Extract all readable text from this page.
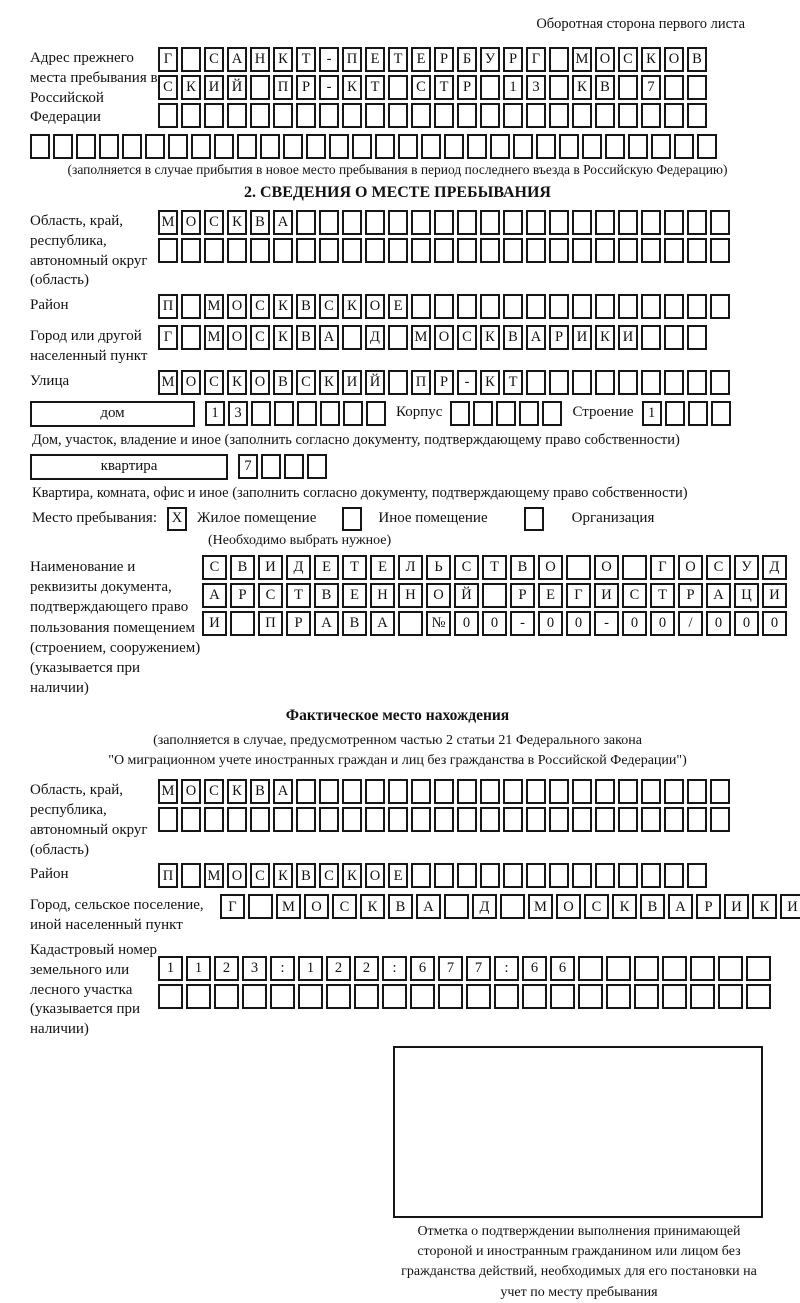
Оборотная сторона первого листа
Адрес прежнего места пребывания в Российской Федерации
Г	С А Н К Т	-	П Е Т Е	Р	Б У Р	Г	М О С К О В
С К И Й	П Р	-	К Т	С Т	Р	1	3	К В	7
(заполняется в случае прибытия в новое место пребывания в период последнего въезда в Российскую Федерацию)
2. СВЕДЕНИЯ О МЕСТЕ ПРЕБЫВАНИЯ
Область, край, республика, автономный округ (область)
М О С К В А
Район	П	М О С К В С К О Е
Город или другой населенный пункт
Г	М О С К В А	Д	М О С К В А Р И К И
Улица	М О С К О В С К И Й	П Р	-	К Т
дом	1	3	Корпус	Строение 1
Дом, участок, владение и иное (заполнить согласно документу, подтверждающему право собственности)
квартира	7
Квартира, комната, офис и иное (заполнить согласно документу, подтверждающему право собственности)
Место пребывания:	X Жилое помещение	Иное помещение	Организация
(Необходимо выбрать нужное)
Наименование и реквизиты документа, подтверждающего право пользования помещением (строением, сооружением) (указывается при наличии)
С	В	И	Д	Е	Т	Е	Л	Ь	С	Т	В	О	О	Г	О	С	У	Д
А	Р	С	Т	В	Е	Н	Н	О	Й	Р	Е	Г	И	С	Т	Р	А	Ц	И
И	П	Р	А	В	А	№	0	0	-	0	0	-	0	0	/	0	0	0
Фактическое место нахождения
(заполняется в случае, предусмотренном частью 2 статьи 21 Федерального закона
"О миграционном учете иностранных граждан и лиц без гражданства в Российской Федерации")
Область, край, республика, автономный округ (область)
М О С К В А
Район	П	М О С К В С К О Е
Город, сельское поселение, иной населенный пункт
Г	М	О	С	К	В	А	Д	М	О	С	К	В	А	Р	И	К	И
Кадастровый номер земельного или лесного участка (указывается при наличии)
1	1	2	3	:	1	2	2	:	6	7	7	:	6	6
Отметка о подтверждении выполнения принимающей стороной и иностранным гражданином или лицом без гражданства действий, необходимых для его постановки на учет по месту пребывания
